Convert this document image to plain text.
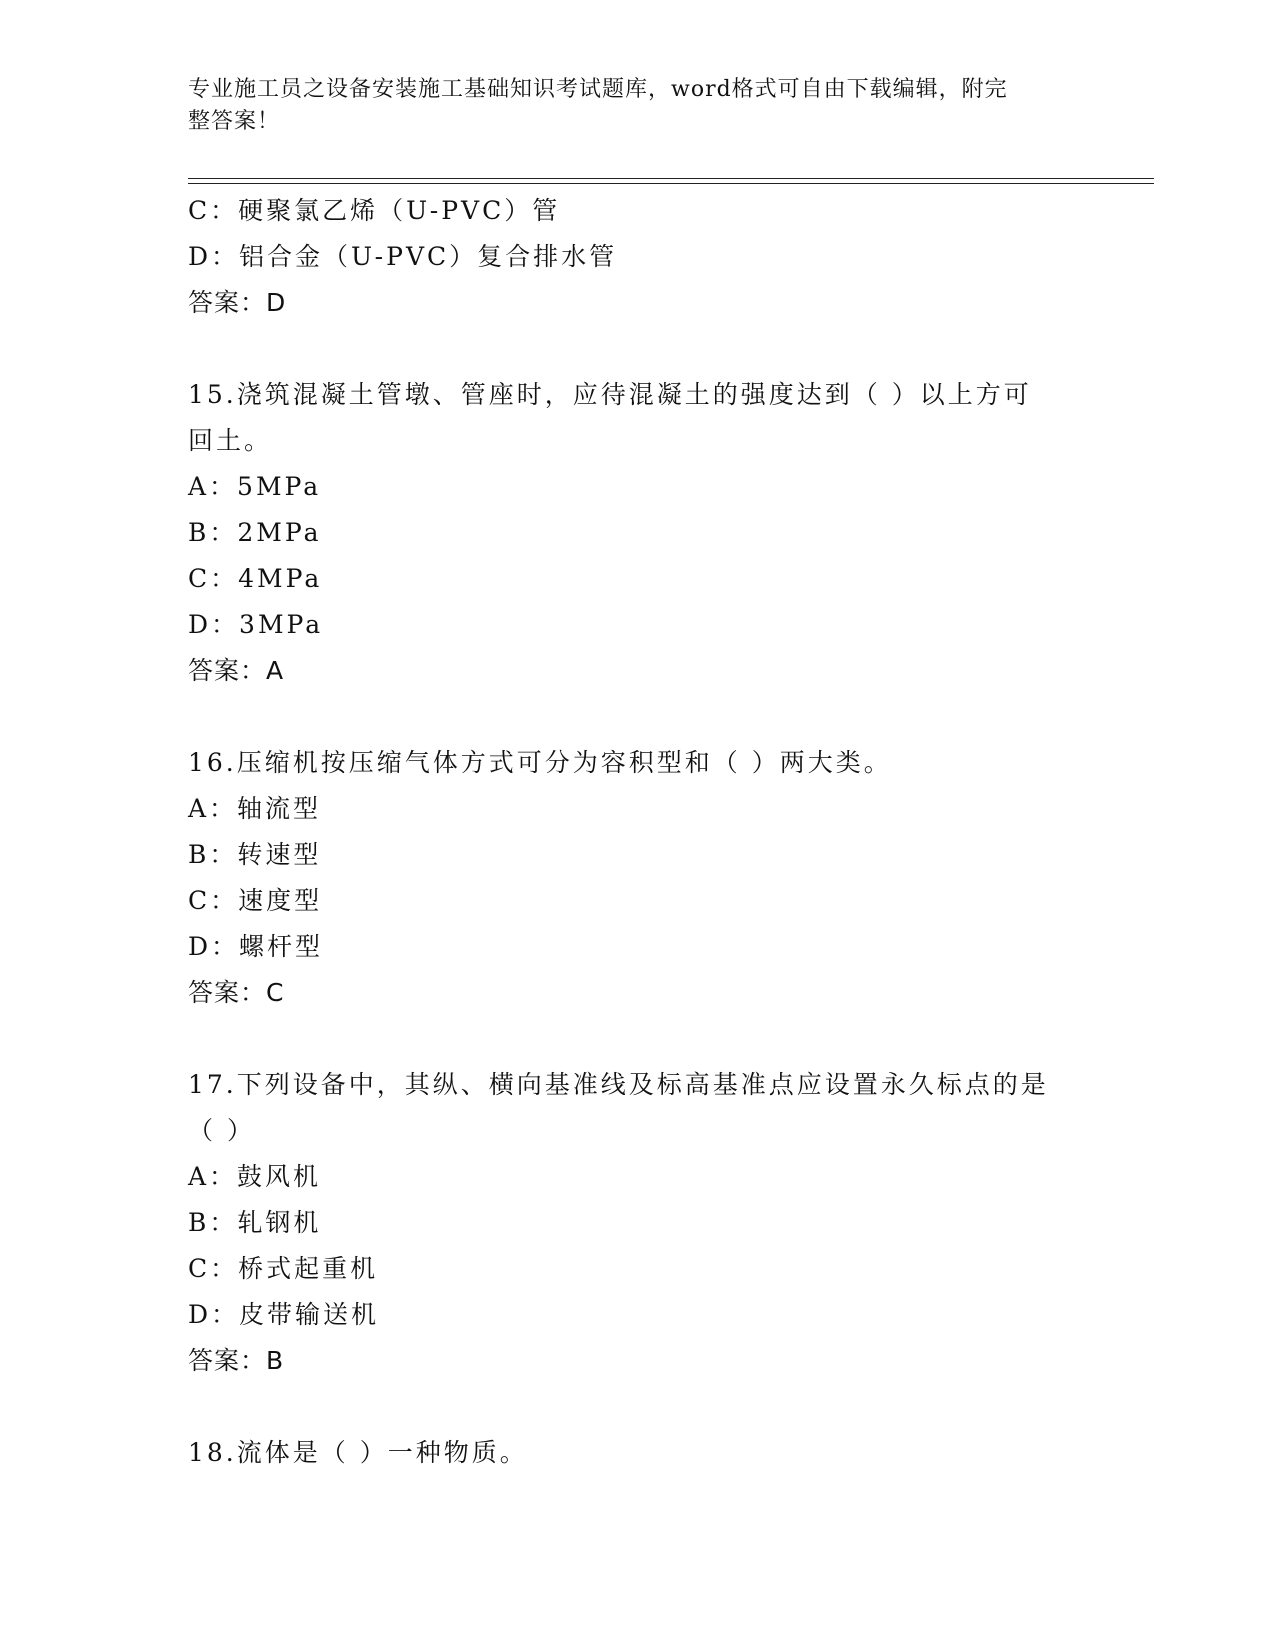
专业施工员之设备安装施工基础知识考试题库，word格式可自由下载编辑，附完
整答案！
C：硬聚氯乙烯（U-PVC）管
D：铝合金（U-PVC）复合排水管
答案：D
15.浇筑混凝土管墩、管座时，应待混凝土的强度达到（ ）以上方可
回土。
A：5MPa
B：2MPa
C：4MPa
D：3MPa
答案：A
16.压缩机按压缩气体方式可分为容积型和（ ）两大类。
A：轴流型
B：转速型
C：速度型
D：螺杆型
答案：C
17.下列设备中，其纵、横向基准线及标高基准点应设置永久标点的是
（ ）
A：鼓风机
B：轧钢机
C：桥式起重机
D：皮带输送机
答案：B
18.流体是（ ）一种物质。
